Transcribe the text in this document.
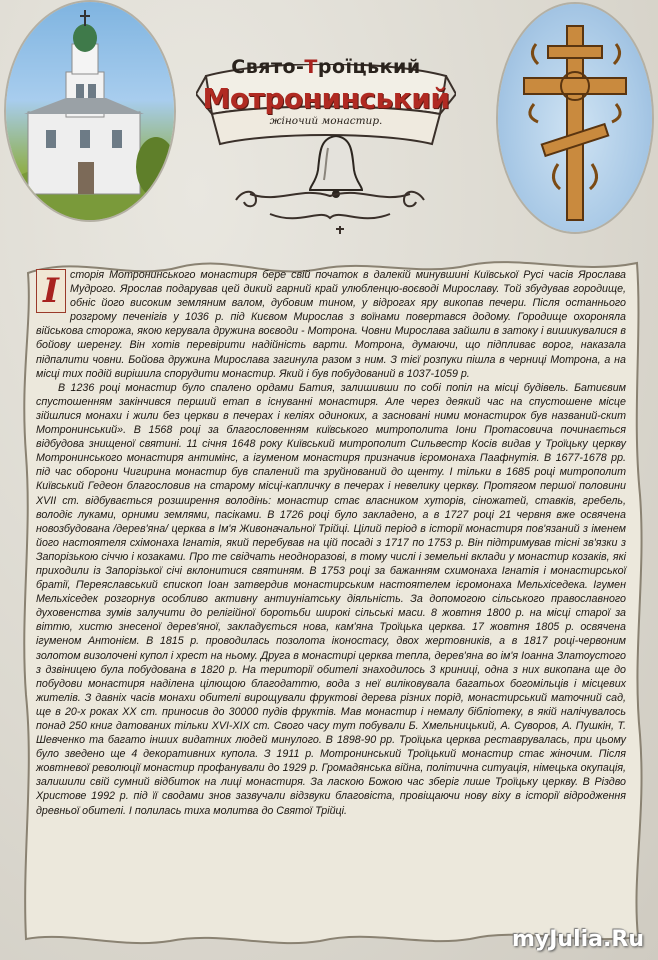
Свято-Троїцький
Мотронинський
жіночий монастир.

І	сторія Мотронинського монастиря бере свій початок в далекій минувшині Київської Русі часів Ярослава Мудрого. Ярослав подарував цей дикий гарний край улюбленцю-воєводі Мирославу. Той збудував городище, обніс його високим земляним валом, дубовим тином, у відрогах яру викопав печери. Після останнього розгрому печенігів у 1036 р. під Києвом Мирослав з воїнами повертався додому. Городище охороняла військова сторожа, якою керувала дружина воєводи - Мотрона. Човни Мирослава зайшли в затоку і вишикувалися в бойову шеренгу. Він хотів перевірити надійність варти. Мотрона, думаючи, що підпливає ворог, наказала підпалити човни. Бойова дружина Мирослава загинула разом з ним. З тієї розпуки пішла в черниці Мотрона, а на місці тих подій вирішила спорудити монастир. Який і був побудований в 1037-1059 р.

В 1236 році монастир було спалено ордами Батия, залишивши по собі попіл на місці будівель. Батиєвим спустошенням закінчився перший етап в існуванні монастиря. Але через деякий час на спустошене місце зійшлися монахи і жили без церкви в печерах і келіях одиноких, а засновані ними монастирок був названий-скит Мотронинський». В 1568 році за благословенням київського митрополита Іони Протасовича починається відбудова знищеної святині. 11 січня 1648 року Київський митрополит Сильвестр Косів видав у Троїцьку церкву Мотронинського монастиря антимінс, а ігуменом монастиря призначив ієромонаха Паафнутія. В 1677-1678 рр. під час оборони Чигирина монастир був спалений та зруйнований до щенту. І тільки в 1685 році митрополит Київський Гедеон благословив на старому місці-капличку в печерах і невелику церкву. Протягом першої половини XVII ст. відбувається розширення володінь: монастир стає власником хуторів, сіножатей, ставків, гребель, володіє луками, орними землями, пасіками. В 1726 році було закладено, а в 1727 році 21 червня вже освячена новозбудована /дерев'яна/ церква в Ім'я Живоначальної Трійці. Цілий період в історії монастиря пов'язаний з іменем його настоятеля схімонаха Ігнатія, який перебував на цій посаді з 1717 по 1753 р. Він підтримував тісні зв'язки з Запорізькою січчю і козаками. Про те свідчать неодноразові, в тому числі і земельні вклади у монастир козаків, які приходили із Запорізької січі вклонитися святиням. В 1753 році за бажанням схимонаха Ігнатія і монастирської братії, Переяславський єпископ Іоан затвердив монастирським настоятелем ієромонаха Мельхіседека. Ігумен Мельхіседек розгорнув особливо активну антиуніатську діяльність. За допомогою сільського православного духовенства зумів залучити до релігійної боротьби широкі сільські маси. 8 жовтня 1800 р. на місці старої за віттю, хистю знесеної дерев'яної, закладується нова, кам'яна Троїцька церква. 17 жовтня 1805 р. освячена ігуменом Антонієм. В 1815 р. проводилась позолота іконостасу, двох жертовників, а в 1817 році-червоним золотом визолочені купол і хрест на ньому. Друга в монастирі церква тепла, дерев'яна во ім'я Іоанна Златоустого з дзвіницею була побудована в 1820 р. На території обителі знаходилось 3 криниці, одна з них викопана ще до побудови монастиря наділена цілющою благодаттю, вода з неї виліковувала багатьох богомільців і місцевих жителів. З давніх часів монахи обителі вирощували фруктові дерева різних порід, монастирський маточний сад, ще в 20-х роках ХХ ст. приносив до 30000 пудів фруктів. Мав монастир і немалу бібліотеку, в якій налічувалось понад 250 книг датованих тільки XVI-XIX ст. Свого часу тут побували Б. Хмельницький, А. Суворов, А. Пушкін, Т. Шевченко та багато інших видатних людей минулого. В 1898-90 рр. Троїцька церква реставрувалась, при цьому було зведено ще 4 декоративних купола. З 1911 р. Мотронинський Троїцький монастир стає жіночим. Після жовтневої революції монастир профанували до 1929 р. Громадянська війна, політична ситуація, німецька окупація, залишили свій сумний відбиток на лиці монастиря. За ласкою Божою час зберіг лише Троїцьку церкву. В Різдво Христове 1992 р. під її сводами знов зазвучали відзвуки благовіста, провіщаючи нову віху в історії відродження древньої обителі. І полилась тиха молитва до Святої Трійці.

myJulia.Ru
